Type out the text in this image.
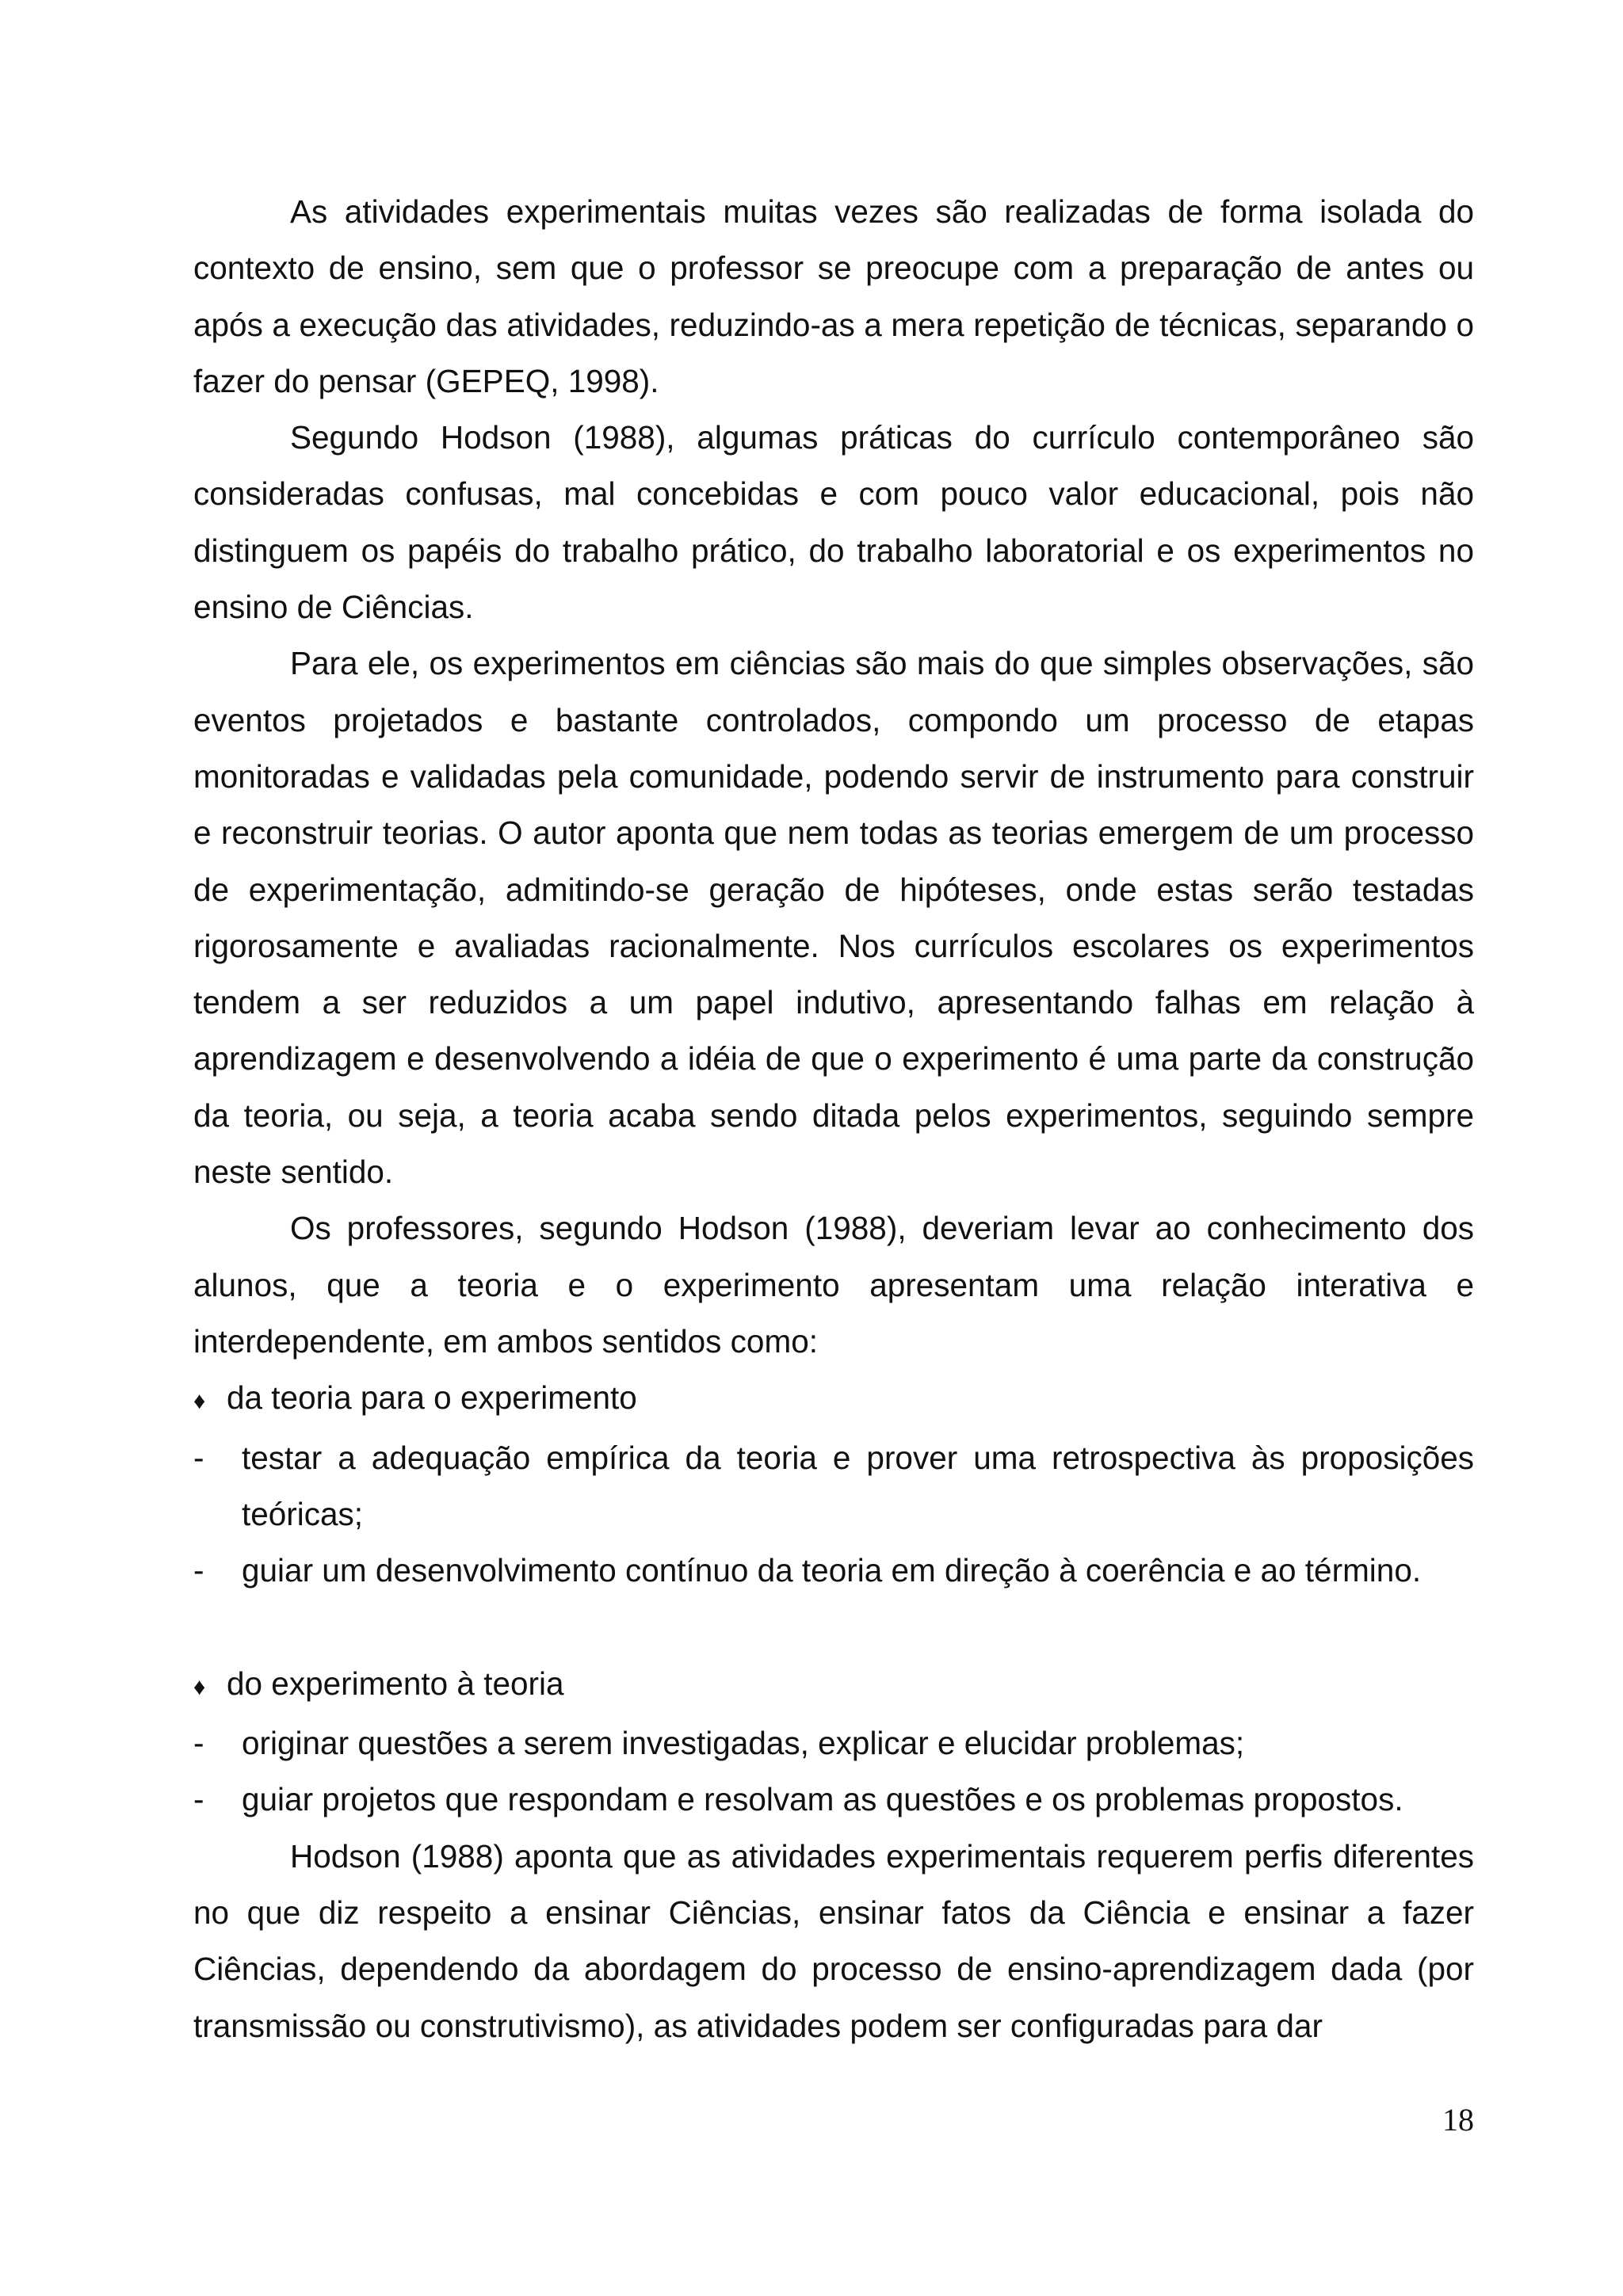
As atividades experimentais muitas vezes são realizadas de forma isolada do contexto de ensino, sem que o professor se preocupe com a preparação de antes ou após a execução das atividades, reduzindo-as a mera repetição de técnicas, separando o fazer do pensar (GEPEQ, 1998).

Segundo Hodson (1988), algumas práticas do currículo contemporâneo são consideradas confusas, mal concebidas e com pouco valor educacional, pois não distinguem os papéis do trabalho prático, do trabalho laboratorial e os experimentos no ensino de Ciências.

Para ele, os experimentos em ciências são mais do que simples observações, são eventos projetados e bastante controlados, compondo um processo de etapas monitoradas e validadas pela comunidade, podendo servir de instrumento para construir e reconstruir teorias. O autor aponta que nem todas as teorias emergem de um processo de experimentação, admitindo-se geração de hipóteses, onde estas serão testadas rigorosamente e avaliadas racionalmente. Nos currículos escolares os experimentos tendem a ser reduzidos a um papel indutivo, apresentando falhas em relação à aprendizagem e desenvolvendo a idéia de que o experimento é uma parte da construção da teoria, ou seja, a teoria acaba sendo ditada pelos experimentos, seguindo sempre neste sentido.

Os professores, segundo Hodson (1988), deveriam levar ao conhecimento dos alunos, que a teoria e o experimento apresentam uma relação interativa e interdependente, em ambos sentidos como:

♦ da teoria para o experimento
-	testar a adequação empírica da teoria e prover uma retrospectiva às proposições teóricas;
-	guiar um desenvolvimento contínuo da teoria em direção à coerência e ao término.
♦ do experimento à teoria
-	originar questões a serem investigadas, explicar e elucidar problemas;
-	guiar projetos que respondam e resolvam as questões e os problemas propostos.

Hodson (1988) aponta que as atividades experimentais requerem perfis diferentes no que diz respeito a ensinar Ciências, ensinar fatos da Ciência e ensinar a fazer Ciências, dependendo da abordagem do processo de ensino-aprendizagem dada (por transmissão ou construtivismo), as atividades podem ser configuradas para dar

18
